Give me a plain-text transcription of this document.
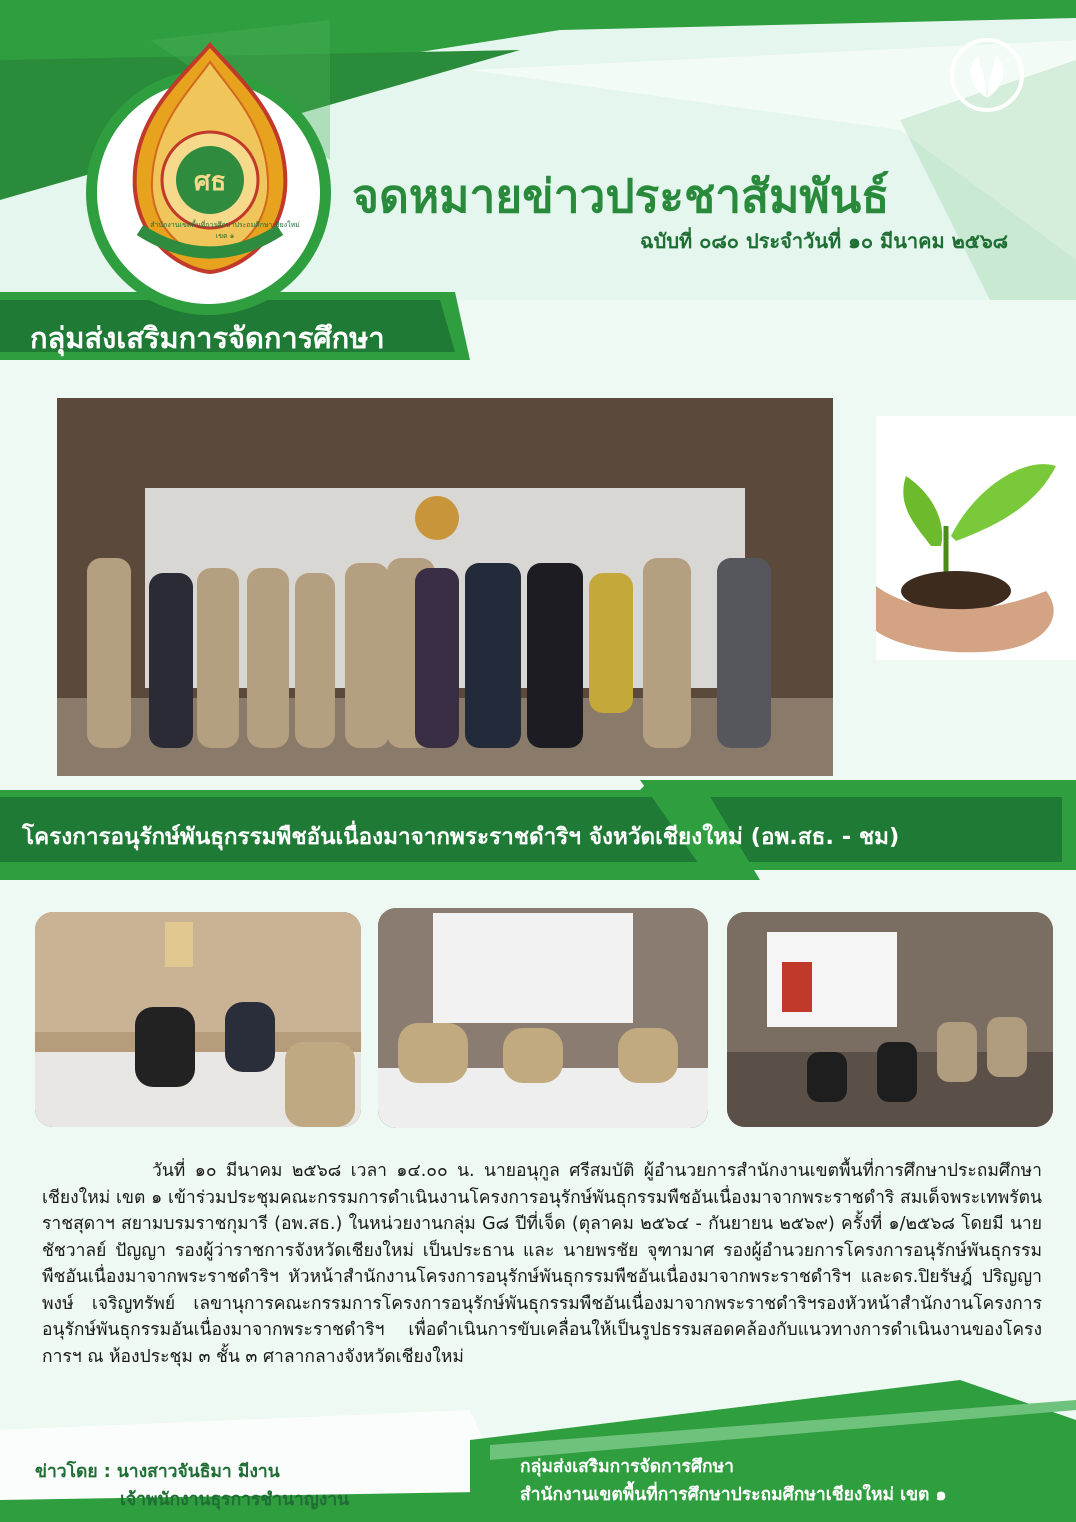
ศธ
สำนักงานเขตพื้นที่การศึกษาประถมศึกษาเชียงใหม่ เขต ๑
จดหมายข่าวประชาสัมพันธ์
ฉบับที่ ๐๘๐ ประจำวันที่ ๑๐ มีนาคม ๒๕๖๘
กลุ่มส่งเสริมการจัดการศึกษา
โครงการอนุรักษ์พันธุกรรมพืชอันเนื่องมาจากพระราชดำริฯ จังหวัดเชียงใหม่ (อพ.สธ. - ชม)

วันที่ ๑๐ มีนาคม ๒๕๖๘ เวลา ๑๔.๐๐ น. นายอนุกูล ศรีสมบัติ ผู้อำนวยการสำนักงานเขตพื้นที่การศึกษาประถมศึกษาเชียงใหม่ เขต ๑ เข้าร่วมประชุมคณะกรรมการดำเนินงานโครงการอนุรักษ์พันธุกรรมพืชอันเนื่องมาจากพระราชดำริ สมเด็จพระเทพรัตนราชสุดาฯ สยามบรมราชกุมารี (อพ.สธ.) ในหน่วยงานกลุ่ม G๘ ปีที่เจ็ด (ตุลาคม ๒๕๖๔ - กันยายน ๒๕๖๙) ครั้งที่ ๑/๒๕๖๘ โดยมี นายชัชวาลย์ ปัญญา รองผู้ว่าราชการจังหวัดเชียงใหม่ เป็นประธาน และ นายพรชัย จุฑามาศ รองผู้อำนวยการโครงการอนุรักษ์พันธุกรรมพืชอันเนื่องมาจากพระราชดำริฯ หัวหน้าสำนักงานโครงการอนุรักษ์พันธุกรรมพืชอันเนื่องมาจากพระราชดำริฯ และดร.ปิยรัษฎ์ ปริญญาพงษ์ เจริญทรัพย์ เลขานุการคณะกรรมการโครงการอนุรักษ์พันธุกรรมพืชอันเนื่องมาจากพระราชดำริฯรองหัวหน้าสำนักงานโครงการอนุรักษ์พันธุกรรมอันเนื่องมาจากพระราชดำริฯ เพื่อดำเนินการขับเคลื่อนให้เป็นรูปธรรมสอดคล้องกับแนวทางการดำเนินงานของโครงการฯ ณ ห้องประชุม ๓ ชั้น ๓ ศาลากลางจังหวัดเชียงใหม่

ข่าวโดย : นางสาวจันธิมา มีงาน
เจ้าพนักงานธุรการชำนาญงาน
กลุ่มส่งเสริมการจัดการศึกษา
สำนักงานเขตพื้นที่การศึกษาประถมศึกษาเชียงใหม่ เขต ๑
